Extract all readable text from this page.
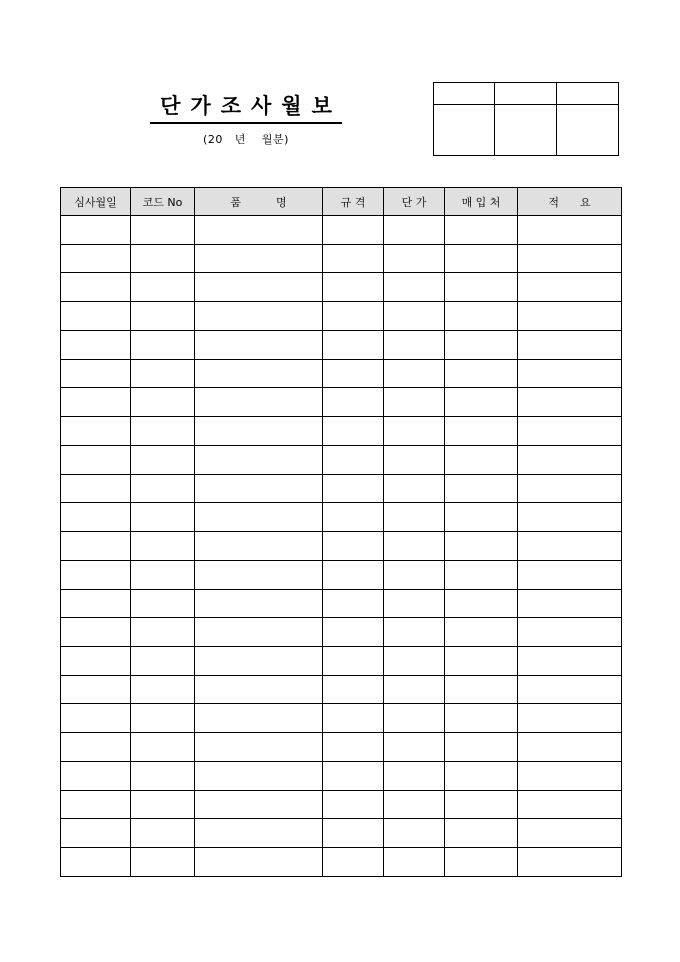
단가조사월보
(20   년    월분)
심사월일	코드 No	품          명	규 격	단 가	매 입 처	적      요
